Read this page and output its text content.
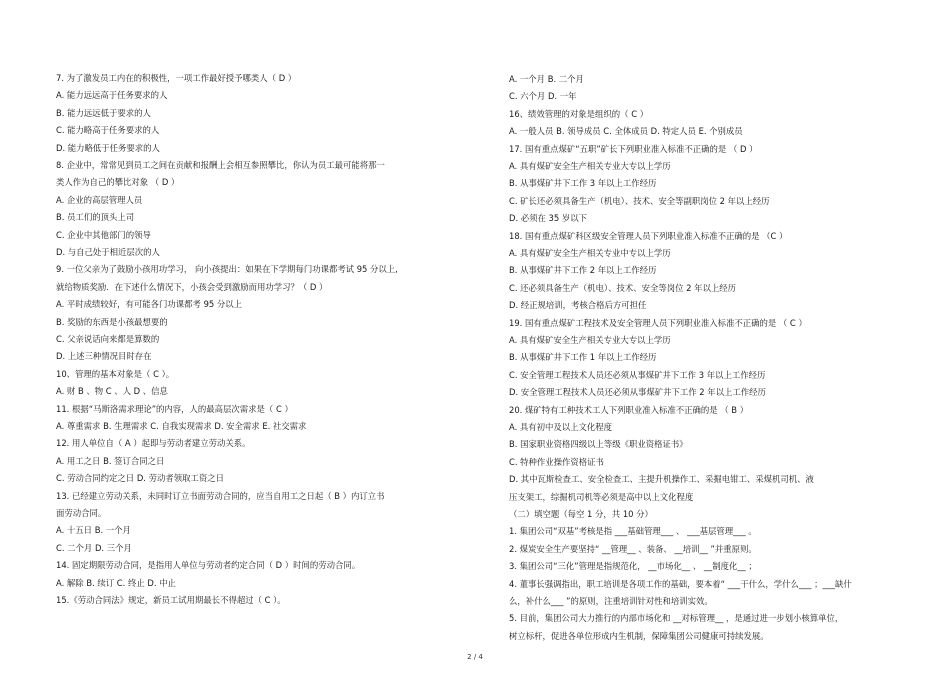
7. 为了激发员工内在的积极性，一项工作最好授予哪类人（ D ）
A. 能力远远高于任务要求的人
B. 能力远远低于要求的人
C. 能力略高于任务要求的人
D. 能力略低于任务要求的人
8. 企业中，常常见到员工之间在贡献和报酬上会相互参照攀比，你认为员工最可能将那一
类人作为自己的攀比对象 （ D ）
A. 企业的高层管理人员
B. 员工们的顶头上司
C. 企业中其他部门的领导
D. 与自己处于相近层次的人
9. 一位父亲为了鼓励小孩用功学习， 向小孩提出：如果在下学期每门功课都考试 95 分以上,
就给物质奖励．在下述什么情况下，小孩会受到激励而用功学习？（ D ）
A. 平时成绩较好，有可能各门功课都考 95 分以上
B. 奖励的东西是小孩最想要的
C. 父亲说话向来都是算数的
D. 上述三种情况目时存在
10、管理的基本对象是（ C ）。
A. 财 B 、物 C 、人 D 、信息
11. 根据“马斯洛需求理论”的内容，人的最高层次需求是（ C ）
A. 尊重需求 B. 生理需求 C. 自我实现需求 D. 安全需求 E. 社交需求
12. 用人单位自（ A ）起即与劳动者建立劳动关系。
A. 用工之日 B. 签订合同之日
C. 劳动合同约定之日 D. 劳动者领取工资之日
13. 已经建立劳动关系，未同时订立书面劳动合同的，应当自用工之日起（ B ）内订立书
面劳动合同。
A. 十五日 B. 一个月
C. 二个月 D. 三个月
14. 固定期限劳动合同，是指用人单位与劳动者约定合同（ D ）时间的劳动合同。
A. 解除 B. 续订 C. 终止 D. 中止
15.《劳动合同法》规定，新员工试用期最长不得超过（ C ）。
A. 一个月 B. 二个月
C. 六个月 D. 一年
16、绩效管理的对象是组织的（ C ）
A. 一般人员 B. 领导成员 C. 全体成员 D. 特定人员 E. 个别成员
17. 国有重点煤矿“五职”矿长下列职业准入标准不正确的是 （ D ）
A. 具有煤矿安全生产相关专业大专以上学历
B. 从事煤矿井下工作 3 年以上工作经历
C. 矿长还必须具备生产（机电）、技术、安全等副职岗位 2 年以上经历
D. 必须在 35 岁以下
18. 国有重点煤矿科区级安全管理人员下列职业准入标准不正确的是 （C ）
A. 具有煤矿安全生产相关专业中专以上学历
B. 从事煤矿井下工作 2 年以上工作经历
C. 还必须具备生产（机电）、技术、安全等岗位 2 年以上经历
D. 经正规培训，考核合格后方可担任
19. 国有重点煤矿工程技术及安全管理人员下列职业准入标准不正确的是 （ C ）
A. 具有煤矿安全生产相关专业大专以上学历
B. 从事煤矿井下工作 1 年以上工作经历
C. 安全管理工程技术人员还必须从事煤矿井下工作 3 年以上工作经历
D. 安全管理工程技术人员还必须从事煤矿井下工作 2 年以上工作经历
20. 煤矿特有工种技术工人下列职业准入标准不正确的是 （ B ）
A. 具有初中及以上文化程度
B. 国家职业资格四级以上等级《职业资格证书》
C. 特种作业操作资格证书
D. 其中瓦斯检查工、安全检查工、主提升机操作工、采掘电钳工、采煤机司机、液
压支架工，综掘机司机等必须是高中以上文化程度
（二）填空题（每空 1 分，共 10 分）
1. 集团公司“双基”考核是指 ___基础管理___ 、 ___基层管理___ 。
2. 煤炭安全生产要坚持“ __管理__ 、装备、 __培训__ ”并重原则。
3. 集团公司“三化”管理是指规范化， __市场化__ 、 __制度化__ ；
4. 董事长强调指出，职工培训是各项工作的基础，要本着“ ___干什么，学什么___ ；___缺什
么，补什么___ ”的原则，注重培训针对性和培训实效。
5. 目前，集团公司大力推行的内部市场化和 __对标管理__ ，是通过进一步划小核算单位，
树立标杆，促进各单位形成内生机制，保障集团公司健康可持续发展。
2 / 4
